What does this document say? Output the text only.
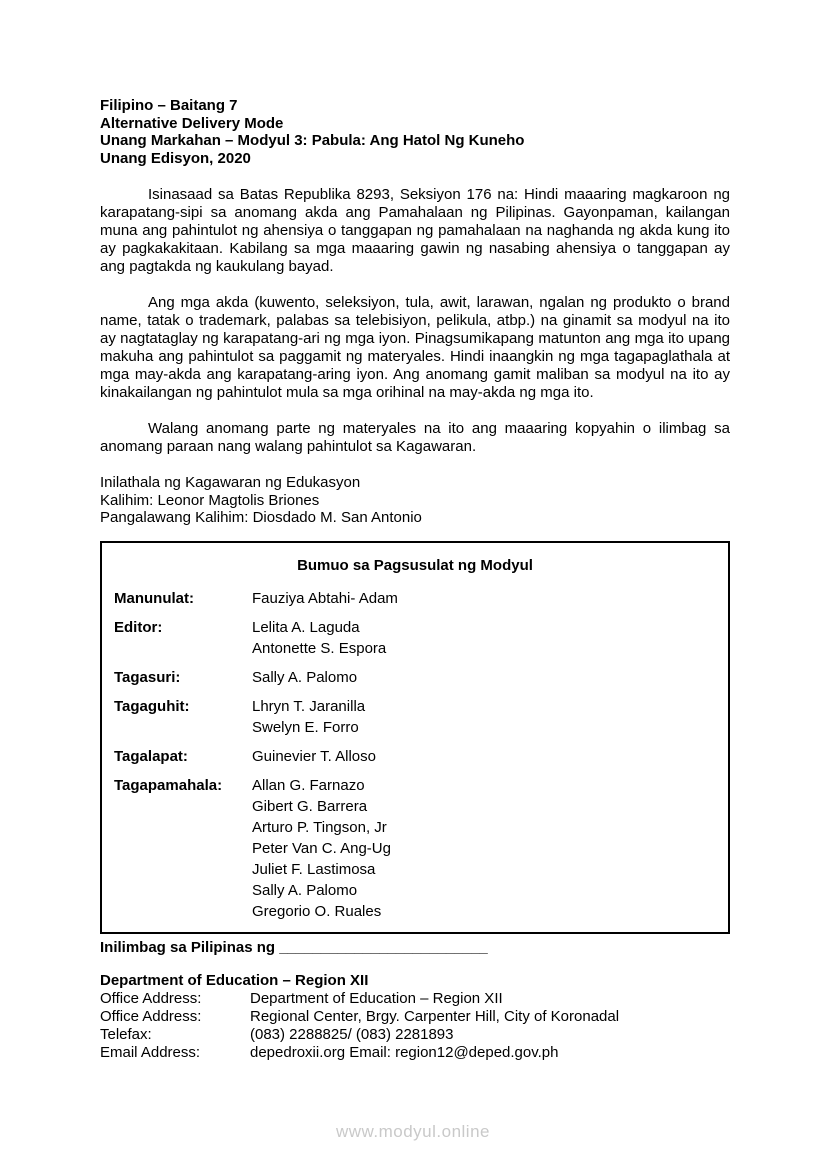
Filipino – Baitang 7
Alternative Delivery Mode
Unang Markahan – Modyul 3: Pabula: Ang Hatol Ng Kuneho
Unang Edisyon, 2020

Isinasaad sa Batas Republika 8293, Seksiyon 176 na: Hindi maaaring magkaroon ng karapatang-sipi sa anomang akda ang Pamahalaan ng Pilipinas. Gayonpaman, kailangan muna ang pahintulot ng ahensiya o tanggapan ng pamahalaan na naghanda ng akda kung ito ay pagkakakitaan. Kabilang sa mga maaaring gawin ng nasabing ahensiya o tanggapan ay ang pagtakda ng kaukulang bayad.

Ang mga akda (kuwento, seleksiyon, tula, awit, larawan, ngalan ng produkto o brand name, tatak o trademark, palabas sa telebisiyon, pelikula, atbp.) na ginamit sa modyul na ito ay nagtataglay ng karapatang-ari ng mga iyon. Pinagsumikapang matunton ang mga ito upang makuha ang pahintulot sa paggamit ng materyales. Hindi inaangkin ng mga tagapaglathala at mga may-akda ang karapatang-aring iyon. Ang anomang gamit maliban sa modyul na ito ay kinakailangan ng pahintulot mula sa mga orihinal na may-akda ng mga ito.

Walang anomang parte ng materyales na ito ang maaaring kopyahin o ilimbag sa anomang paraan nang walang pahintulot sa Kagawaran.

Inilathala ng Kagawaran ng Edukasyon
Kalihim: Leonor Magtolis Briones
Pangalawang Kalihim: Diosdado M. San Antonio
Bumuo sa Pagsusulat ng Modyul
Manunulat:	Fauziya Abtahi- Adam
Editor:	Lelita A. Laguda
Antonette S. Espora
Tagasuri:	Sally A. Palomo
Tagaguhit:	Lhryn T. Jaranilla
Swelyn E. Forro
Tagalapat:	Guinevier T. Alloso
Tagapamahala:	Allan G. Farnazo
Gibert G. Barrera
Arturo P. Tingson, Jr
Peter Van C. Ang-Ug
Juliet F. Lastimosa
Sally A. Palomo
Gregorio O. Ruales
Inilimbag sa Pilipinas ng _________________________
Department of Education – Region XII
Office Address:	Department of Education – Region XII
Office Address:	Regional Center, Brgy. Carpenter Hill, City of Koronadal
Telefax:	(083) 2288825/ (083) 2281893
Email Address:	depedroxii.org Email: region12@deped.gov.ph
www.modyul.online
